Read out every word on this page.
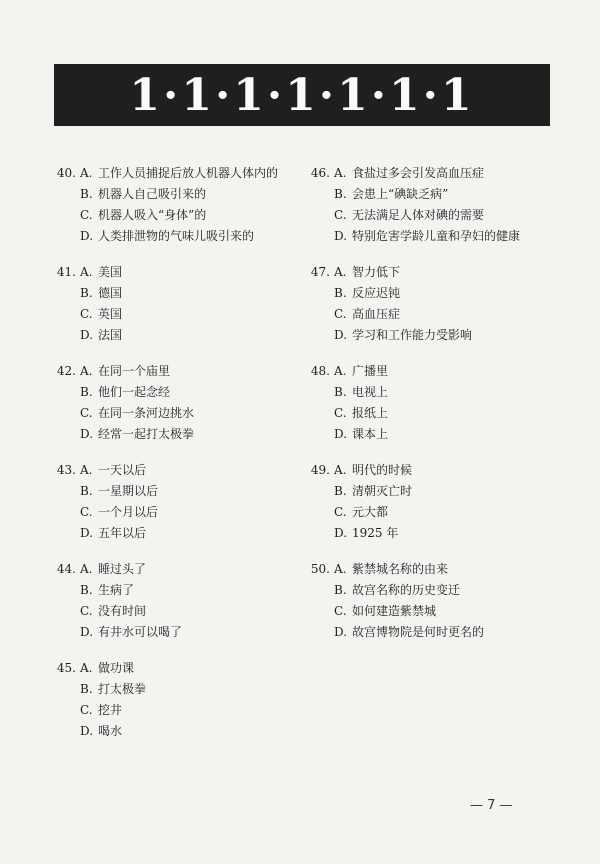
1·1·1·1·1·1·1
40. A. 工作人员捕捉后放人机器人体内的
B. 机器人自己吸引来的
C. 机器人吸入“身体”的
D. 人类排泄物的气味儿吸引来的
41. A. 美国
B. 德国
C. 英国
D. 法国
42. A. 在同一个庙里
B. 他们一起念经
C. 在同一条河边挑水
D. 经常一起打太极拳
43. A. 一天以后
B. 一星期以后
C. 一个月以后
D. 五年以后
44. A. 睡过头了
B. 生病了
C. 没有时间
D. 有井水可以喝了
45. A. 做功课
B. 打太极拳
C. 挖井
D. 喝水
46. A. 食盐过多会引发高血压症
B. 会患上“碘缺乏病”
C. 无法满足人体对碘的需要
D. 特别危害学龄儿童和孕妇的健康
47. A. 智力低下
B. 反应迟钝
C. 高血压症
D. 学习和工作能力受影响
48. A. 广播里
B. 电视上
C. 报纸上
D. 课本上
49. A. 明代的时候
B. 清朝灭亡时
C. 元大都
D. 1925 年
50. A. 紫禁城名称的由来
B. 故宫名称的历史变迁
C. 如何建造紫禁城
D. 故宫博物院是何时更名的
— 7 —
